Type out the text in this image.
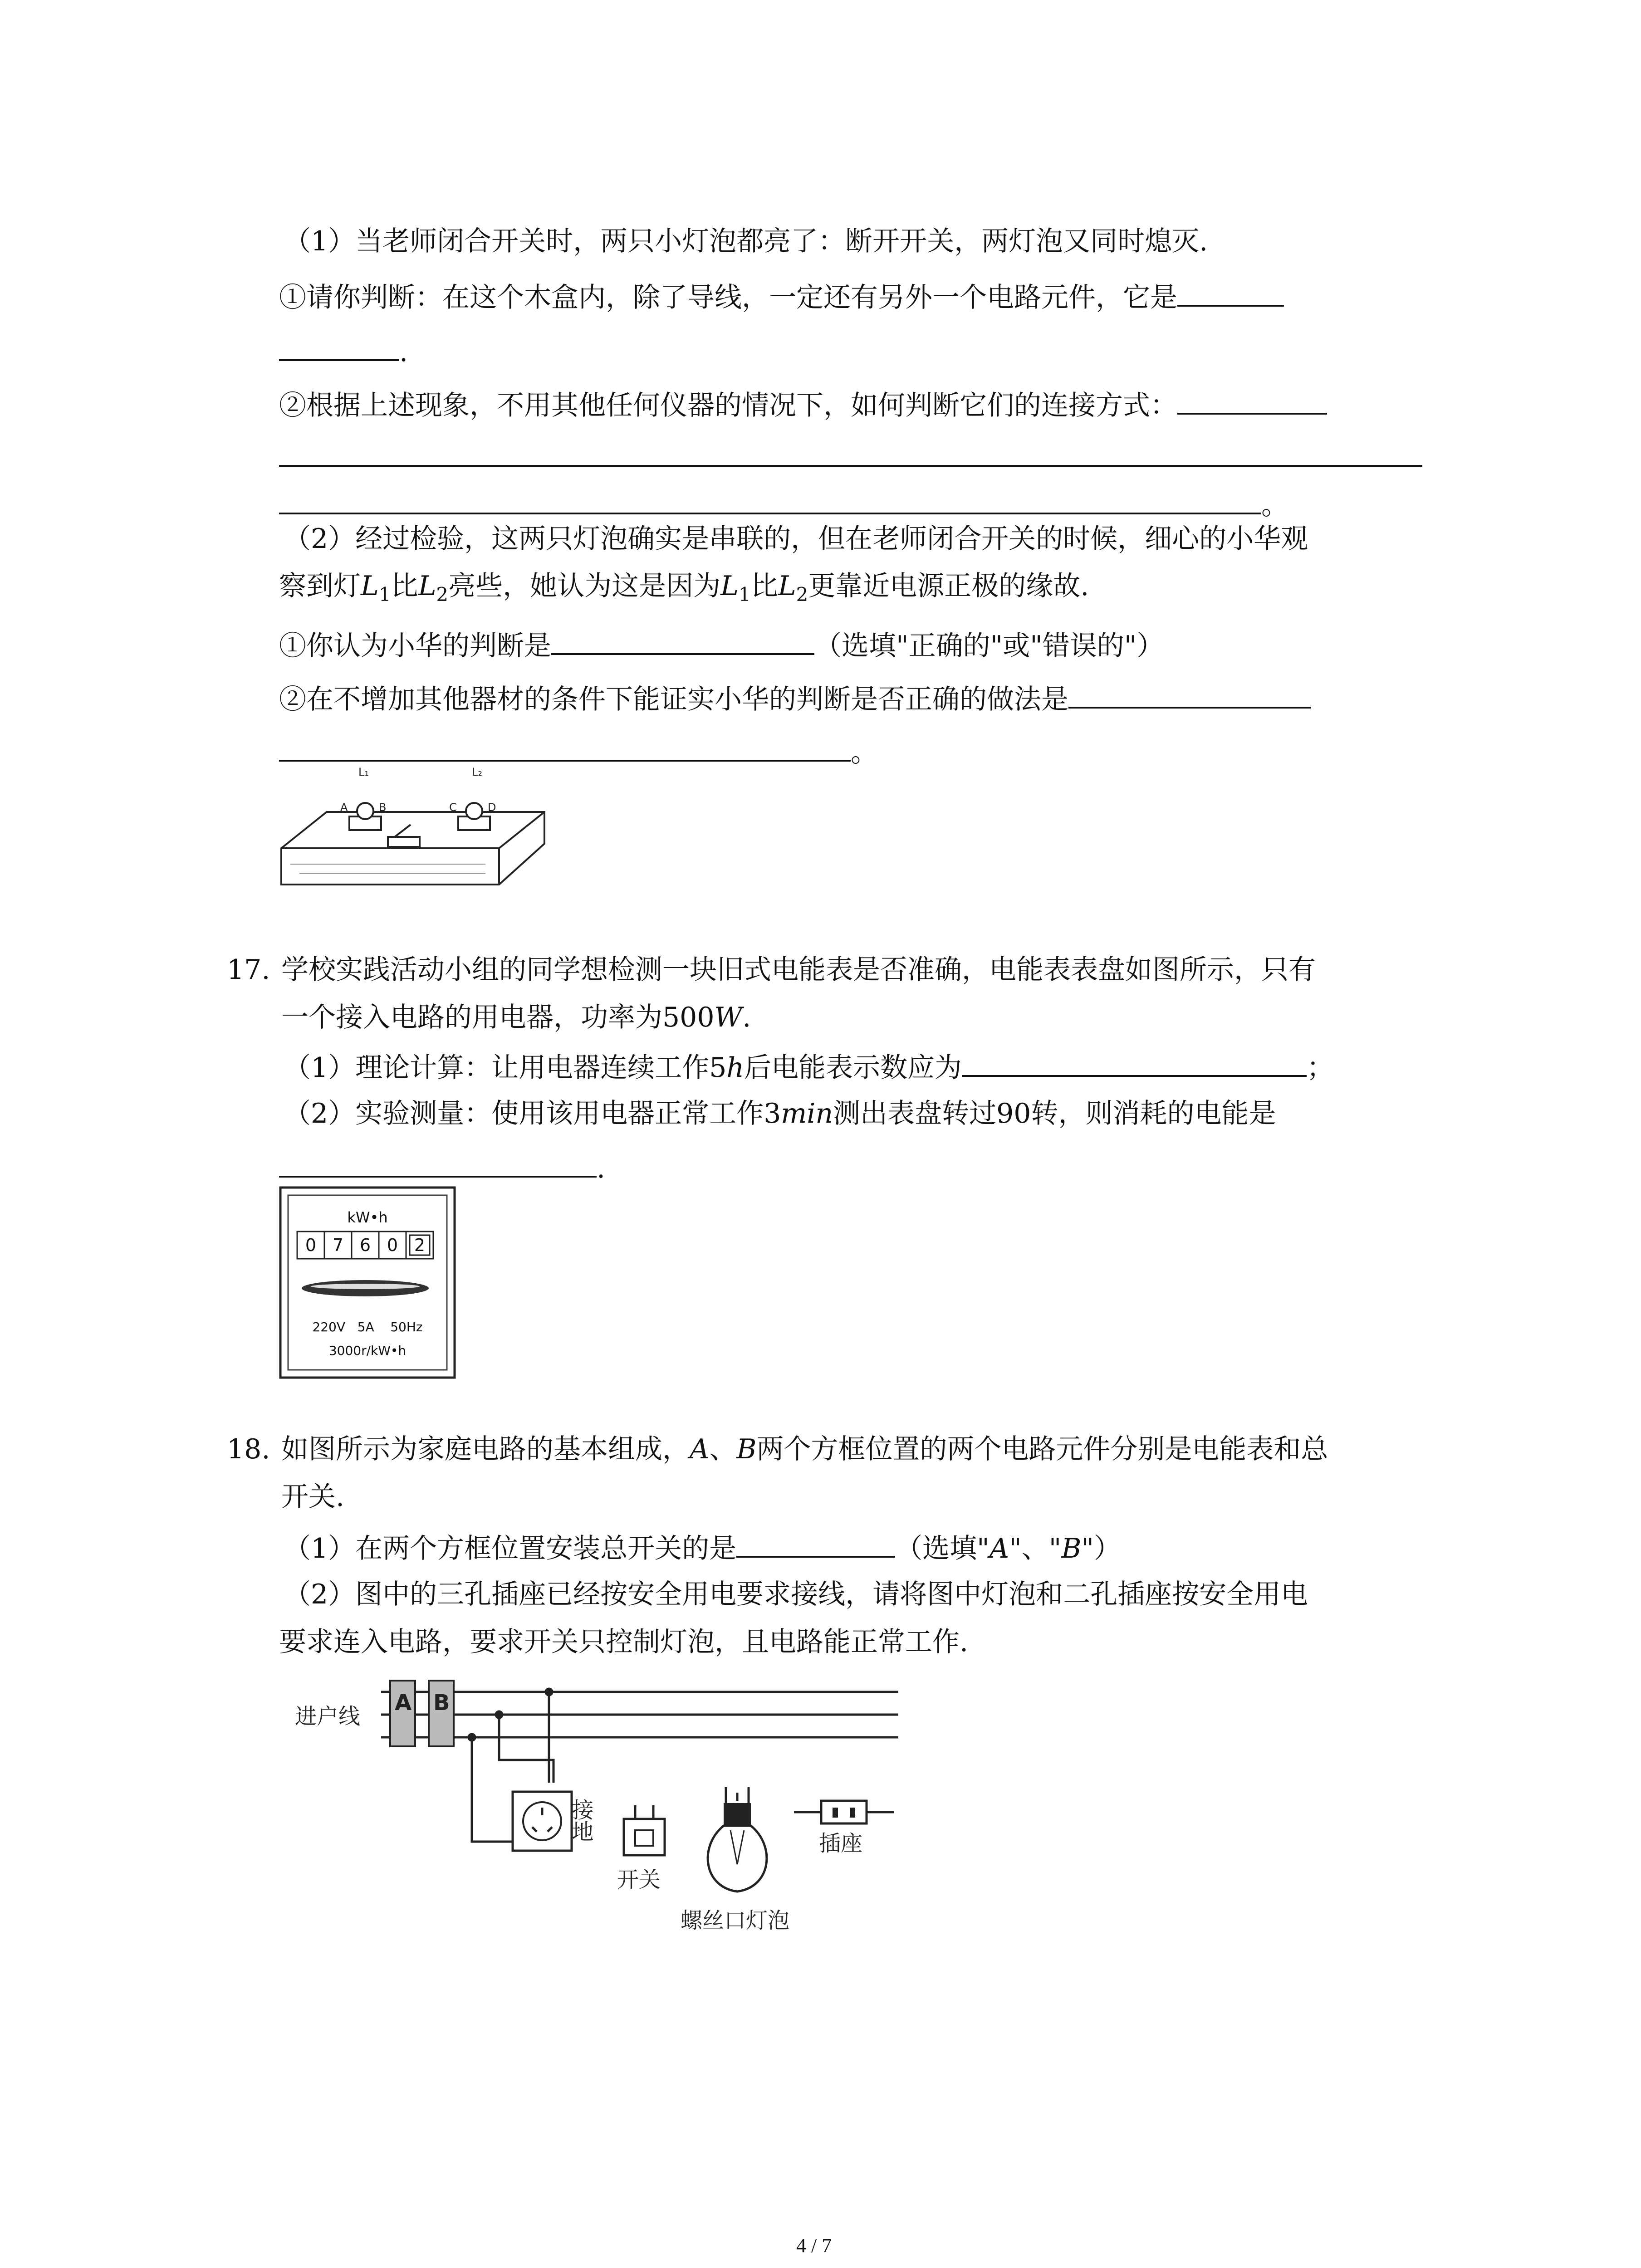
（1）当老师闭合开关时，两只小灯泡都亮了：断开开关，两灯泡又同时熄灭.
①请你判断：在这个木盒内，除了导线，一定还有另外一个电路元件，它是
.
②根据上述现象，不用其他任何仪器的情况下，如何判断它们的连接方式：
。
（2）经过检验，这两只灯泡确实是串联的，但在老师闭合开关的时候，细心的小华观
察到灯$L_1$比$L_2$亮些，她认为这是因为$L_1$比$L_2$更靠近电源正极的缘故.
①你认为小华的判断是	（选填"正确的"或"错误的"）
②在不增加其他器材的条件下能证实小华的判断是否正确的做法是
。
L₁	L₂
A	B	C	D
17. 学校实践活动小组的同学想检测一块旧式电能表是否准确，电能表表盘如图所示，只有
一个接入电路的用电器，功率为500W.
（1）理论计算：让用电器连续工作5h后电能表示数应为	；
（2）实验测量：使用该用电器正常工作3min测出表盘转过90转，则消耗的电能是
.
kW•h
0 7 6 0 2
220V   5A    50Hz
3000r/kW•h
18. 如图所示为家庭电路的基本组成，A、B两个方框位置的两个电路元件分别是电能表和总
开关.
（1）在两个方框位置安装总开关的是	（选填"A"、"B"）
（2）图中的三孔插座已经按安全用电要求接线，请将图中灯泡和二孔插座按安全用电
要求连入电路，要求开关只控制灯泡，且电路能正常工作.
进户线
A B
开关
插座
螺丝口灯泡
接地
4 / 7
